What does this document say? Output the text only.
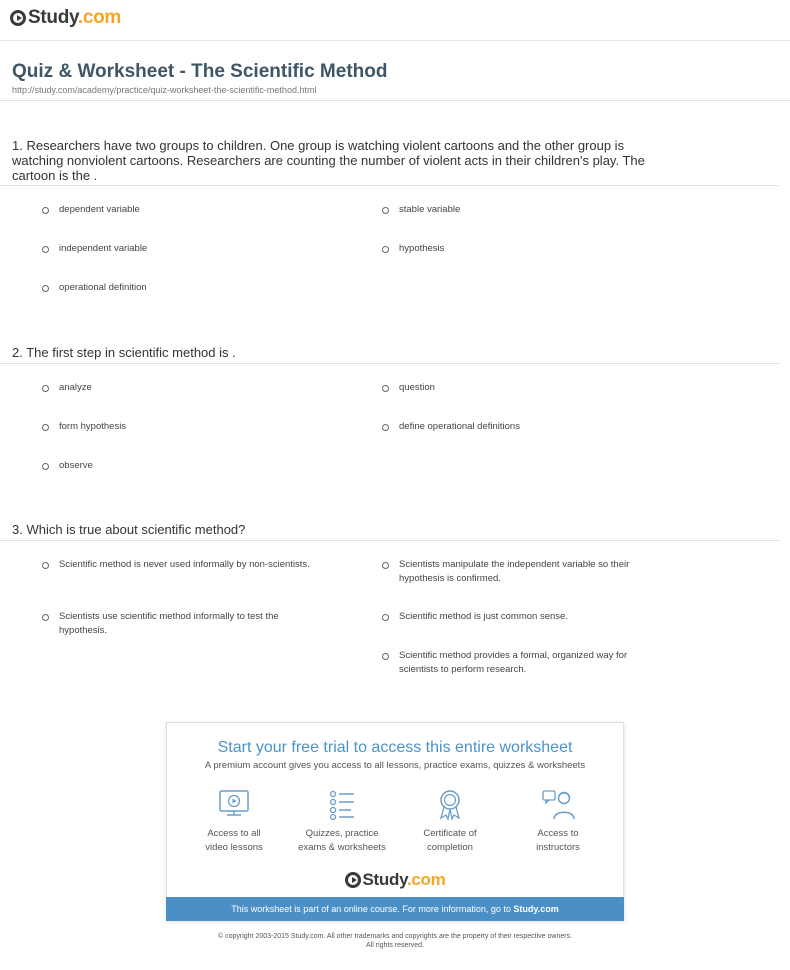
Study.com
Quiz & Worksheet - The Scientific Method
http://study.com/academy/practice/quiz-worksheet-the-scientific-method.html
1. Researchers have two groups to children. One group is watching violent cartoons and the other group is watching nonviolent cartoons. Researchers are counting the number of violent acts in their children's play. The cartoon is the .
dependent variable	stable variable
independent variable	hypothesis
operational definition
2. The first step in scientific method is .
analyze	question
form hypothesis	define operational definitions
observe
3. Which is true about scientific method?
Scientific method is never used informally by non-scientists.	Scientists manipulate the independent variable so their hypothesis is confirmed.
Scientists use scientific method informally to test the hypothesis.
Scientific method is just common sense.
Scientific method provides a formal, organized way for scientists to perform research.
Start your free trial to access this entire worksheet
A premium account gives you access to all lessons, practice exams, quizzes & worksheets
Access to all
video lessons
Quizzes, practice
exams & worksheets
Certificate of
completion
Access to
instructors
Study.com
This worksheet is part of an online course. For more information, go to Study.com
© copyright 2003-2015 Study.com. All other trademarks and copyrights are the property of their respective owners.
All rights reserved.
